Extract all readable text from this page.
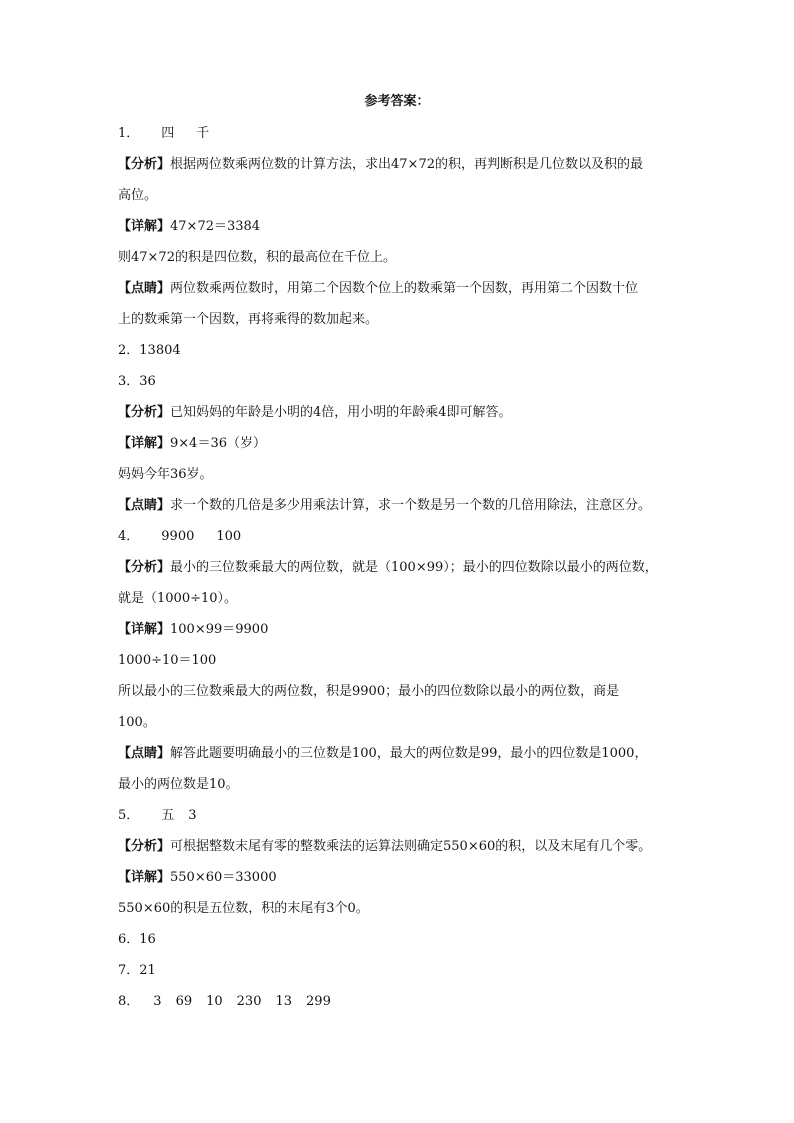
参考答案：
1． 四 千
【分析】根据两位数乘两位数的计算方法，求出47×72的积，再判断积是几位数以及积的最
高位。
【详解】47×72＝3384
则47×72的积是四位数，积的最高位在千位上。
【点睛】两位数乘两位数时，用第二个因数个位上的数乘第一个因数，再用第二个因数十位
上的数乘第一个因数，再将乘得的数加起来。
2．13804
3．36
【分析】已知妈妈的年龄是小明的4倍，用小明的年龄乘4即可解答。
【详解】9×4＝36（岁）
妈妈今年36岁。
【点睛】求一个数的几倍是多少用乘法计算，求一个数是另一个数的几倍用除法，注意区分。
4． 9900 100
【分析】最小的三位数乘最大的两位数，就是（100×99）；最小的四位数除以最小的两位数，
就是（1000÷10）。
【详解】100×99＝9900
1000÷10＝100
所以最小的三位数乘最大的两位数，积是9900；最小的四位数除以最小的两位数，商是
100。
【点睛】解答此题要明确最小的三位数是100，最大的两位数是99，最小的四位数是1000，
最小的两位数是10。
5． 五 3
【分析】可根据整数末尾有零的整数乘法的运算法则确定550×60的积，以及末尾有几个零。
【详解】550×60＝33000
550×60的积是五位数，积的末尾有3个0。
6．16
7．21
8． 3 69 10 230 13 299
